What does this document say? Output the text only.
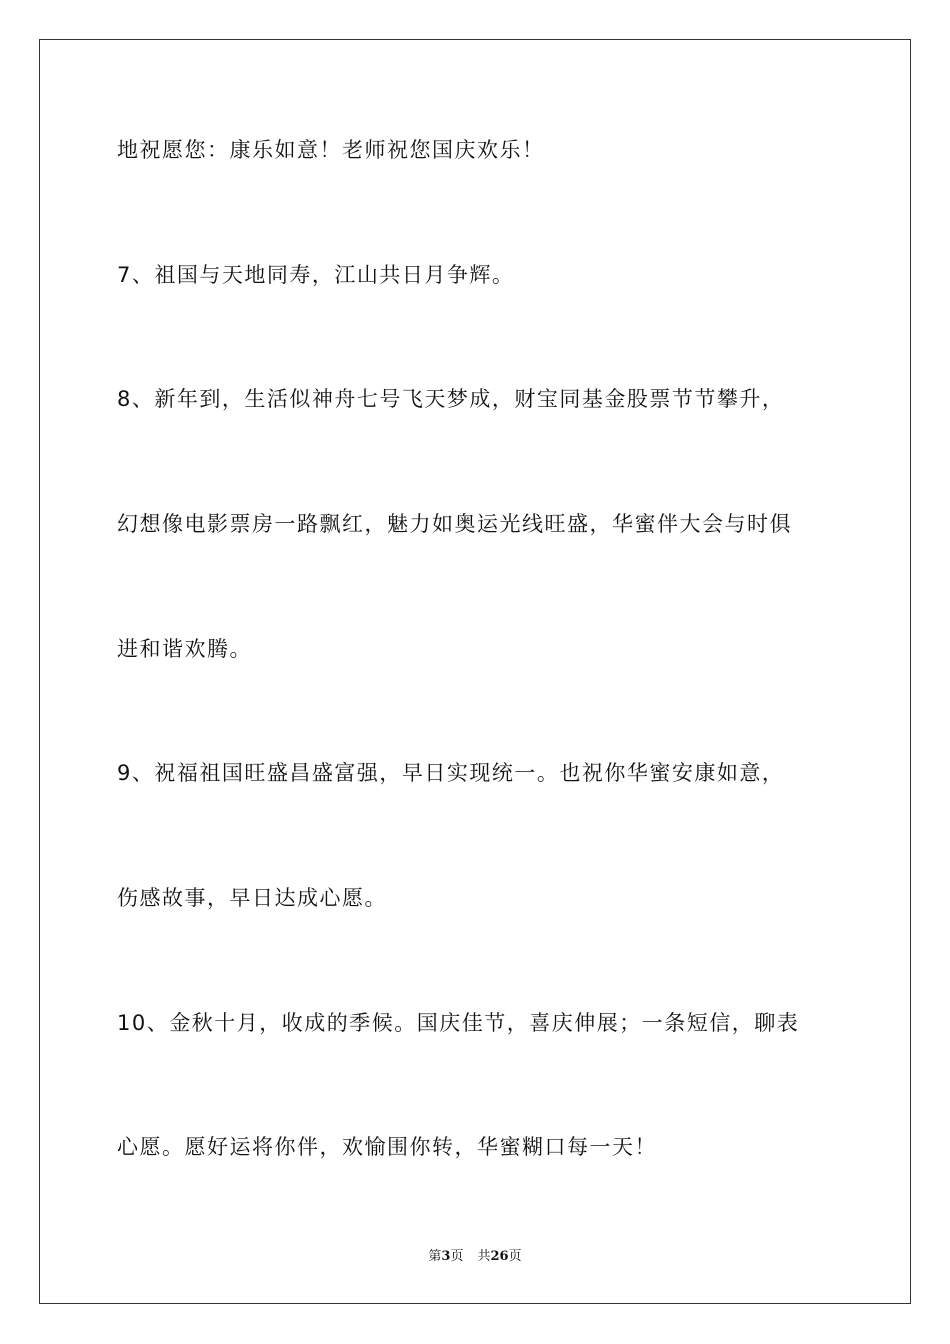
地祝愿您：康乐如意！老师祝您国庆欢乐！
7、祖国与天地同寿，江山共日月争辉。
8、新年到，生活似神舟七号飞天梦成，财宝同基金股票节节攀升，
幻想像电影票房一路飘红，魅力如奥运光线旺盛，华蜜伴大会与时俱
进和谐欢腾。
9、祝福祖国旺盛昌盛富强，早日实现统一。也祝你华蜜安康如意，
伤感故事，早日达成心愿。
10、金秋十月，收成的季候。国庆佳节，喜庆伸展；一条短信，聊表
心愿。愿好运将你伴，欢愉围你转，华蜜糊口每一天！
第3页 共26页
